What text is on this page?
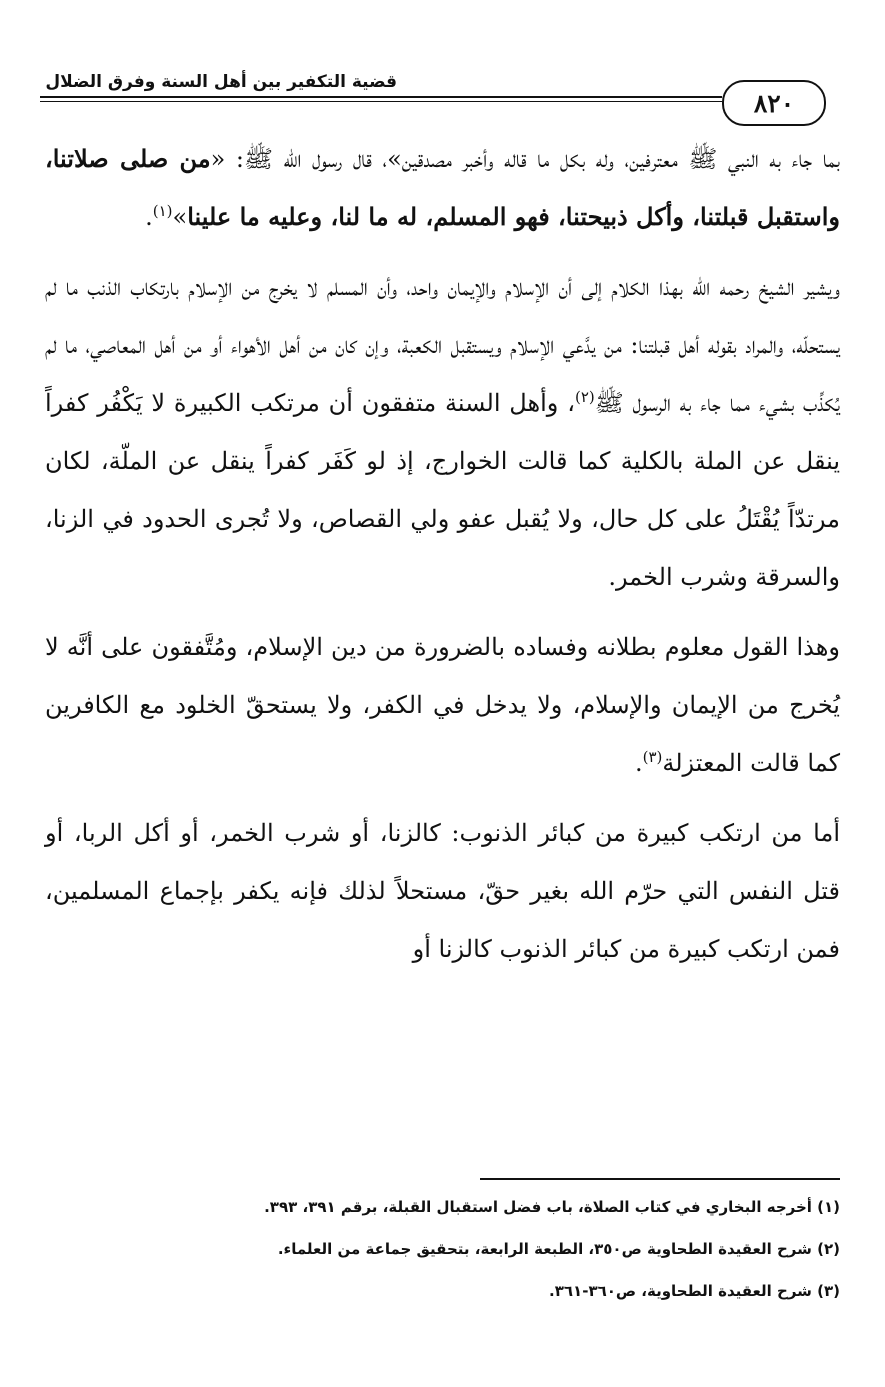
قضية التكفير بين أهل السنة وفرق الضلال
٨٢٠

بما جاء به النبي ﷺ معترفين، وله بكل ما قاله وأخبر مصدقين»، قال رسول الله ﷺ: «من صلى صلاتنا، واستقبل قبلتنا، وأكل ذبيحتنا، فهو المسلم، له ما لنا، وعليه ما علينا»$^{(١)}$.

ويشير الشيخ رحمه الله بهذا الكلام إلى أن الإسلام والإيمان واحد، وأن المسلم لا يخرج من الإسلام بارتكاب الذنب ما لم يستحلّه، والمراد بقوله أهل قبلتنا: من يدَّعي الإسلام ويستقبل الكعبة، وإن كان من أهل الأهواء أو من أهل المعاصي، ما لم يُكذِّب بشيء مما جاء به الرسول ﷺ$^{(٢)}$، وأهل السنة متفقون أن مرتكب الكبيرة لا يَكْفُر كفراً ينقل عن الملة بالكلية كما قالت الخوارج، إذ لو كَفَر كفراً ينقل عن الملّة، لكان مرتدّاً يُقْتَلُ على كل حال، ولا يُقبل عفو ولي القصاص، ولا تُجرى الحدود في الزنا، والسرقة وشرب الخمر.

وهذا القول معلوم بطلانه وفساده بالضرورة من دين الإسلام، ومُتَّفقون على أنَّه لا يُخرج من الإيمان والإسلام، ولا يدخل في الكفر، ولا يستحقّ الخلود مع الكافرين كما قالت المعتزلة$^{(٣)}$.

أما من ارتكب كبيرة من كبائر الذنوب: كالزنا، أو شرب الخمر، أو أكل الربا، أو قتل النفس التي حرّم الله بغير حقّ، مستحلاً لذلك فإنه يكفر بإجماع المسلمين، فمن ارتكب كبيرة من كبائر الذنوب كالزنا أو

(١) أخرجه البخاري في كتاب الصلاة، باب فضل استقبال القبلة، برقم ٣٩١، ٣٩٣.

(٢) شرح العقيدة الطحاوية ص٣٥٠، الطبعة الرابعة، بتحقيق جماعة من العلماء.

(٣) شرح العقيدة الطحاوية، ص٣٦٠-٣٦١.
